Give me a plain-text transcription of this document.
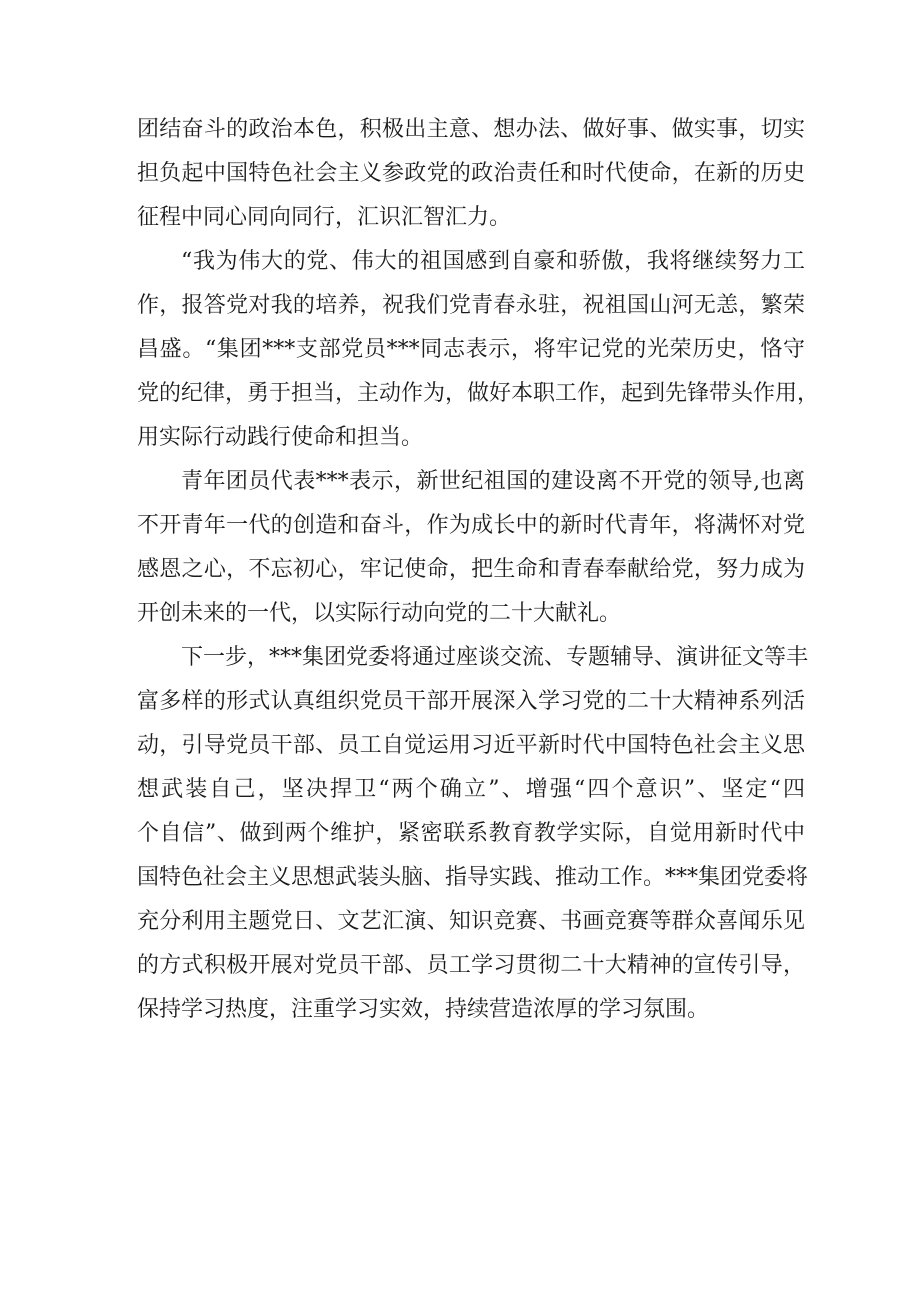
团结奋斗的政治本色，积极出主意、想办法、做好事、做实事，切实
担负起中国特色社会主义参政党的政治责任和时代使命，在新的历史
征程中同心同向同行，汇识汇智汇力。
“我为伟大的党、伟大的祖国感到自豪和骄傲，我将继续努力工
作，报答党对我的培养，祝我们党青春永驻，祝祖国山河无恙，繁荣
昌盛。“集团***支部党员***同志表示，将牢记党的光荣历史，恪守
党的纪律，勇于担当，主动作为，做好本职工作，起到先锋带头作用，
用实际行动践行使命和担当。
青年团员代表***表示，新世纪祖国的建设离不开党的领导,也离
不开青年一代的创造和奋斗，作为成长中的新时代青年，将满怀对党
感恩之心，不忘初心，牢记使命，把生命和青春奉献给党，努力成为
开创未来的一代，以实际行动向党的二十大献礼。
下一步，***集团党委将通过座谈交流、专题辅导、演讲征文等丰
富多样的形式认真组织党员干部开展深入学习党的二十大精神系列活
动，引导党员干部、员工自觉运用习近平新时代中国特色社会主义思
想武装自己，坚决捍卫“两个确立”、增强“四个意识”、坚定“四
个自信”、做到两个维护，紧密联系教育教学实际，自觉用新时代中
国特色社会主义思想武装头脑、指导实践、推动工作。***集团党委将
充分利用主题党日、文艺汇演、知识竞赛、书画竞赛等群众喜闻乐见
的方式积极开展对党员干部、员工学习贯彻二十大精神的宣传引导，
保持学习热度，注重学习实效，持续营造浓厚的学习氛围。
